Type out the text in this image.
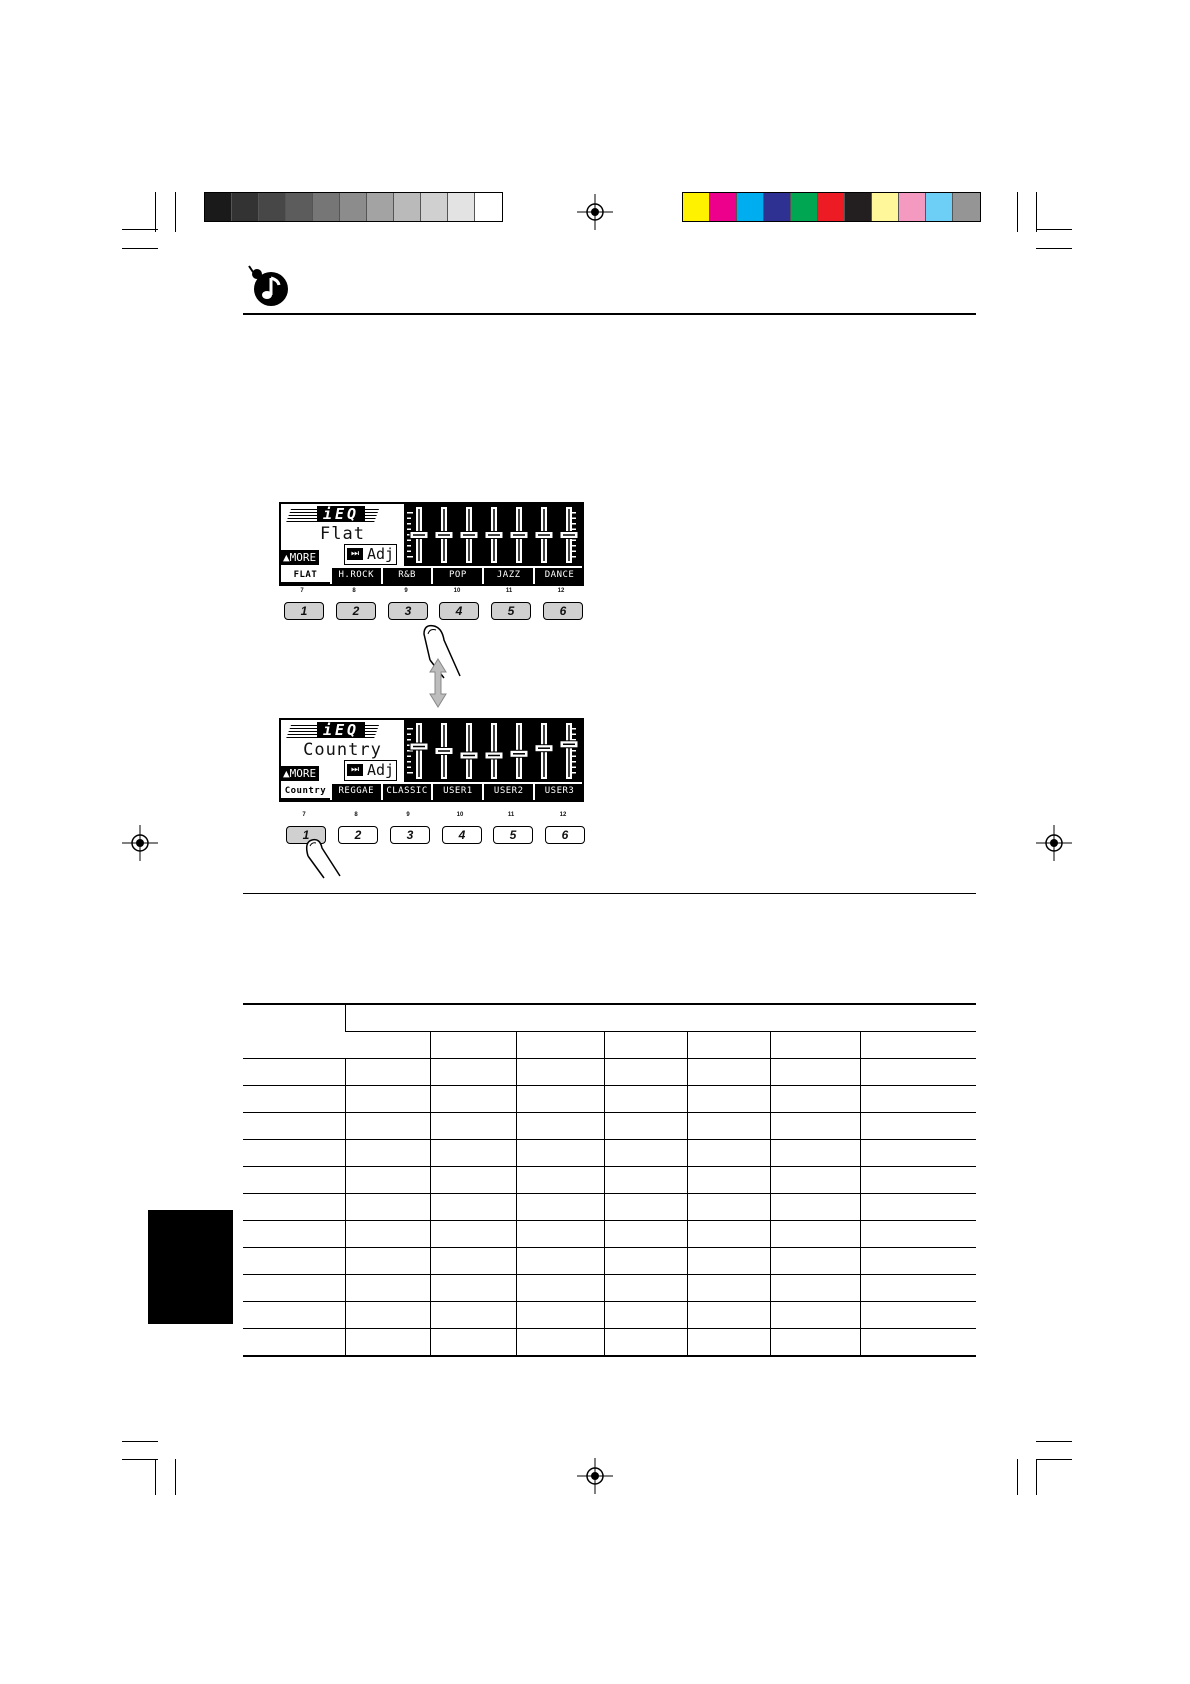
iEQ
Flat
▲MORE	⏭ Adj
FLAT	H.ROCK	R&B	POP	JAZZ	DANCE
7	8	9	10	11	12
1	2	3	4	5	6
iEQ
Country
▲MORE	⏭ Adj
Country	REGGAE	CLASSIC	USER1	USER2	USER3
7	8	9	10	11	12
1	2	3	4	5	6
